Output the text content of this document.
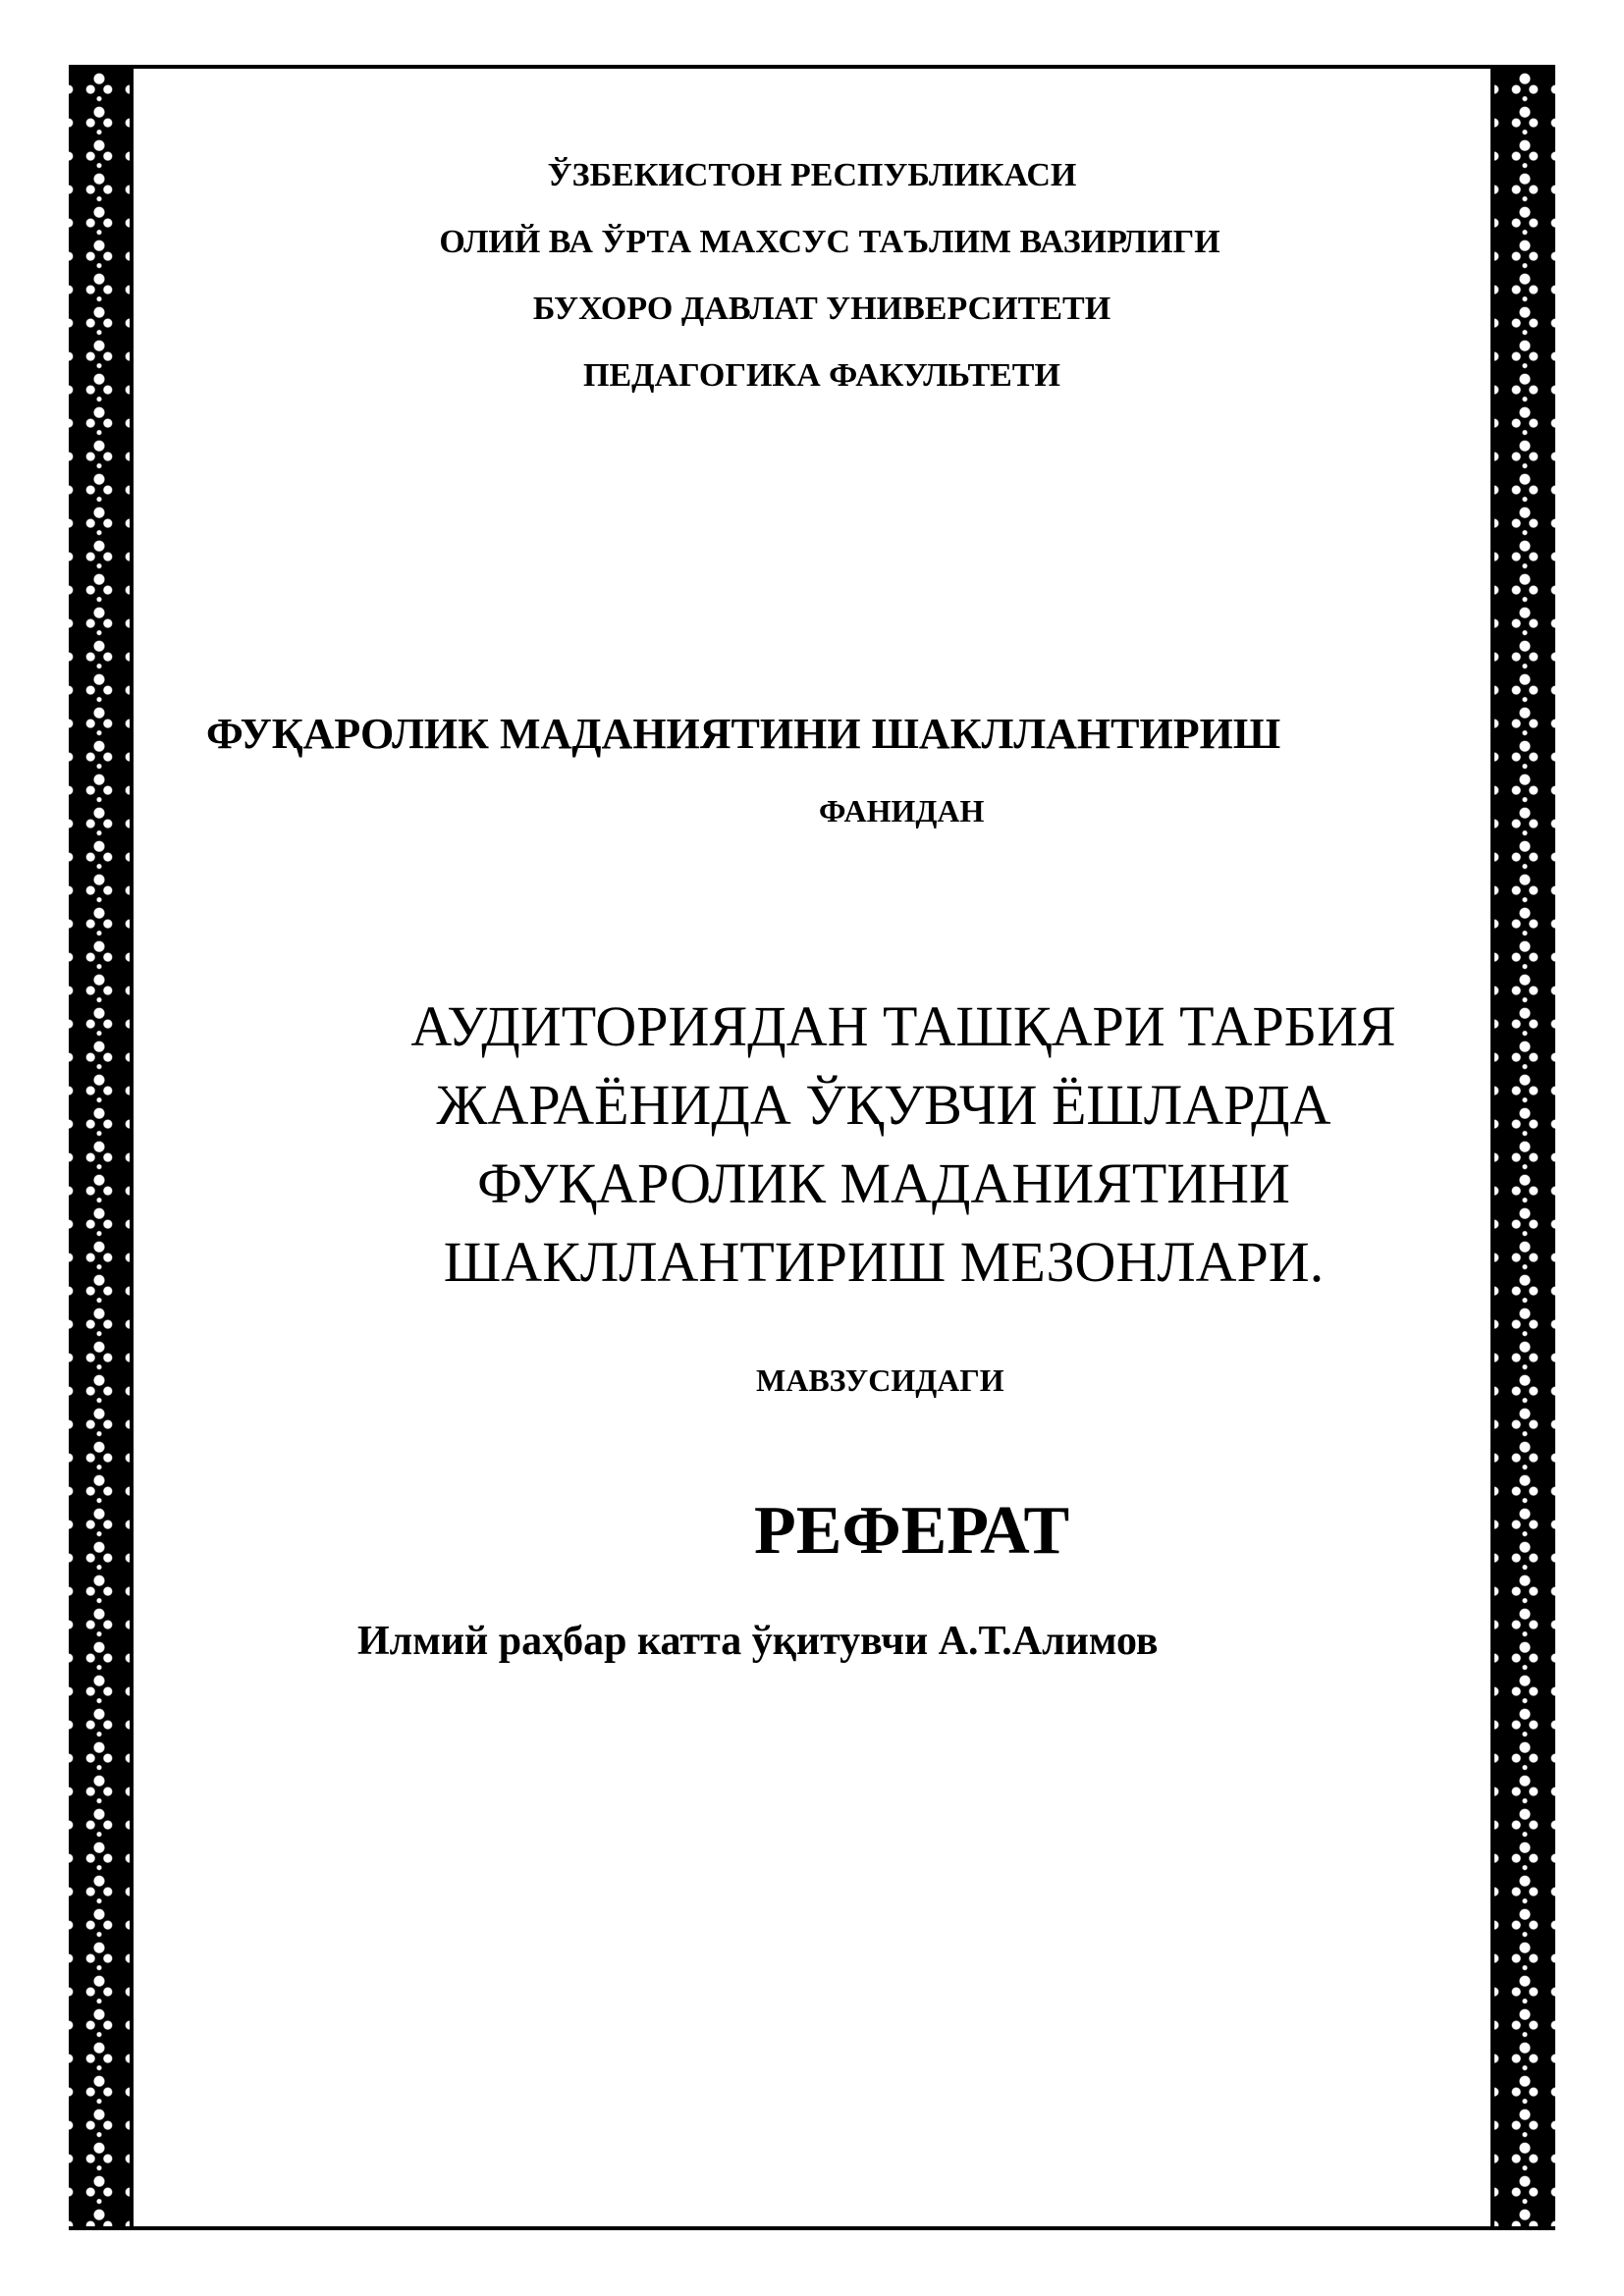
ЎЗБЕКИСТОН РЕСПУБЛИКАСИ
ОЛИЙ ВА ЎРТА МАХСУС ТАЪЛИМ ВАЗИРЛИГИ
БУХОРО ДАВЛАТ УНИВЕРСИТЕТИ
ПЕДАГОГИКА ФАКУЛЬТЕТИ
ФУҚАРОЛИК МАДАНИЯТИНИ ШАКЛЛАНТИРИШ
ФАНИДАН
АУДИТОРИЯДАН ТАШҚАРИ ТАРБИЯ
ЖАРАЁНИДА ЎҚУВЧИ ЁШЛАРДА
ФУҚАРОЛИК МАДАНИЯТИНИ
ШАКЛЛАНТИРИШ МЕЗОНЛАРИ.
МАВЗУСИДАГИ
РЕФЕРАТ
Илмий раҳбар катта ўқитувчи А.Т.Алимов
